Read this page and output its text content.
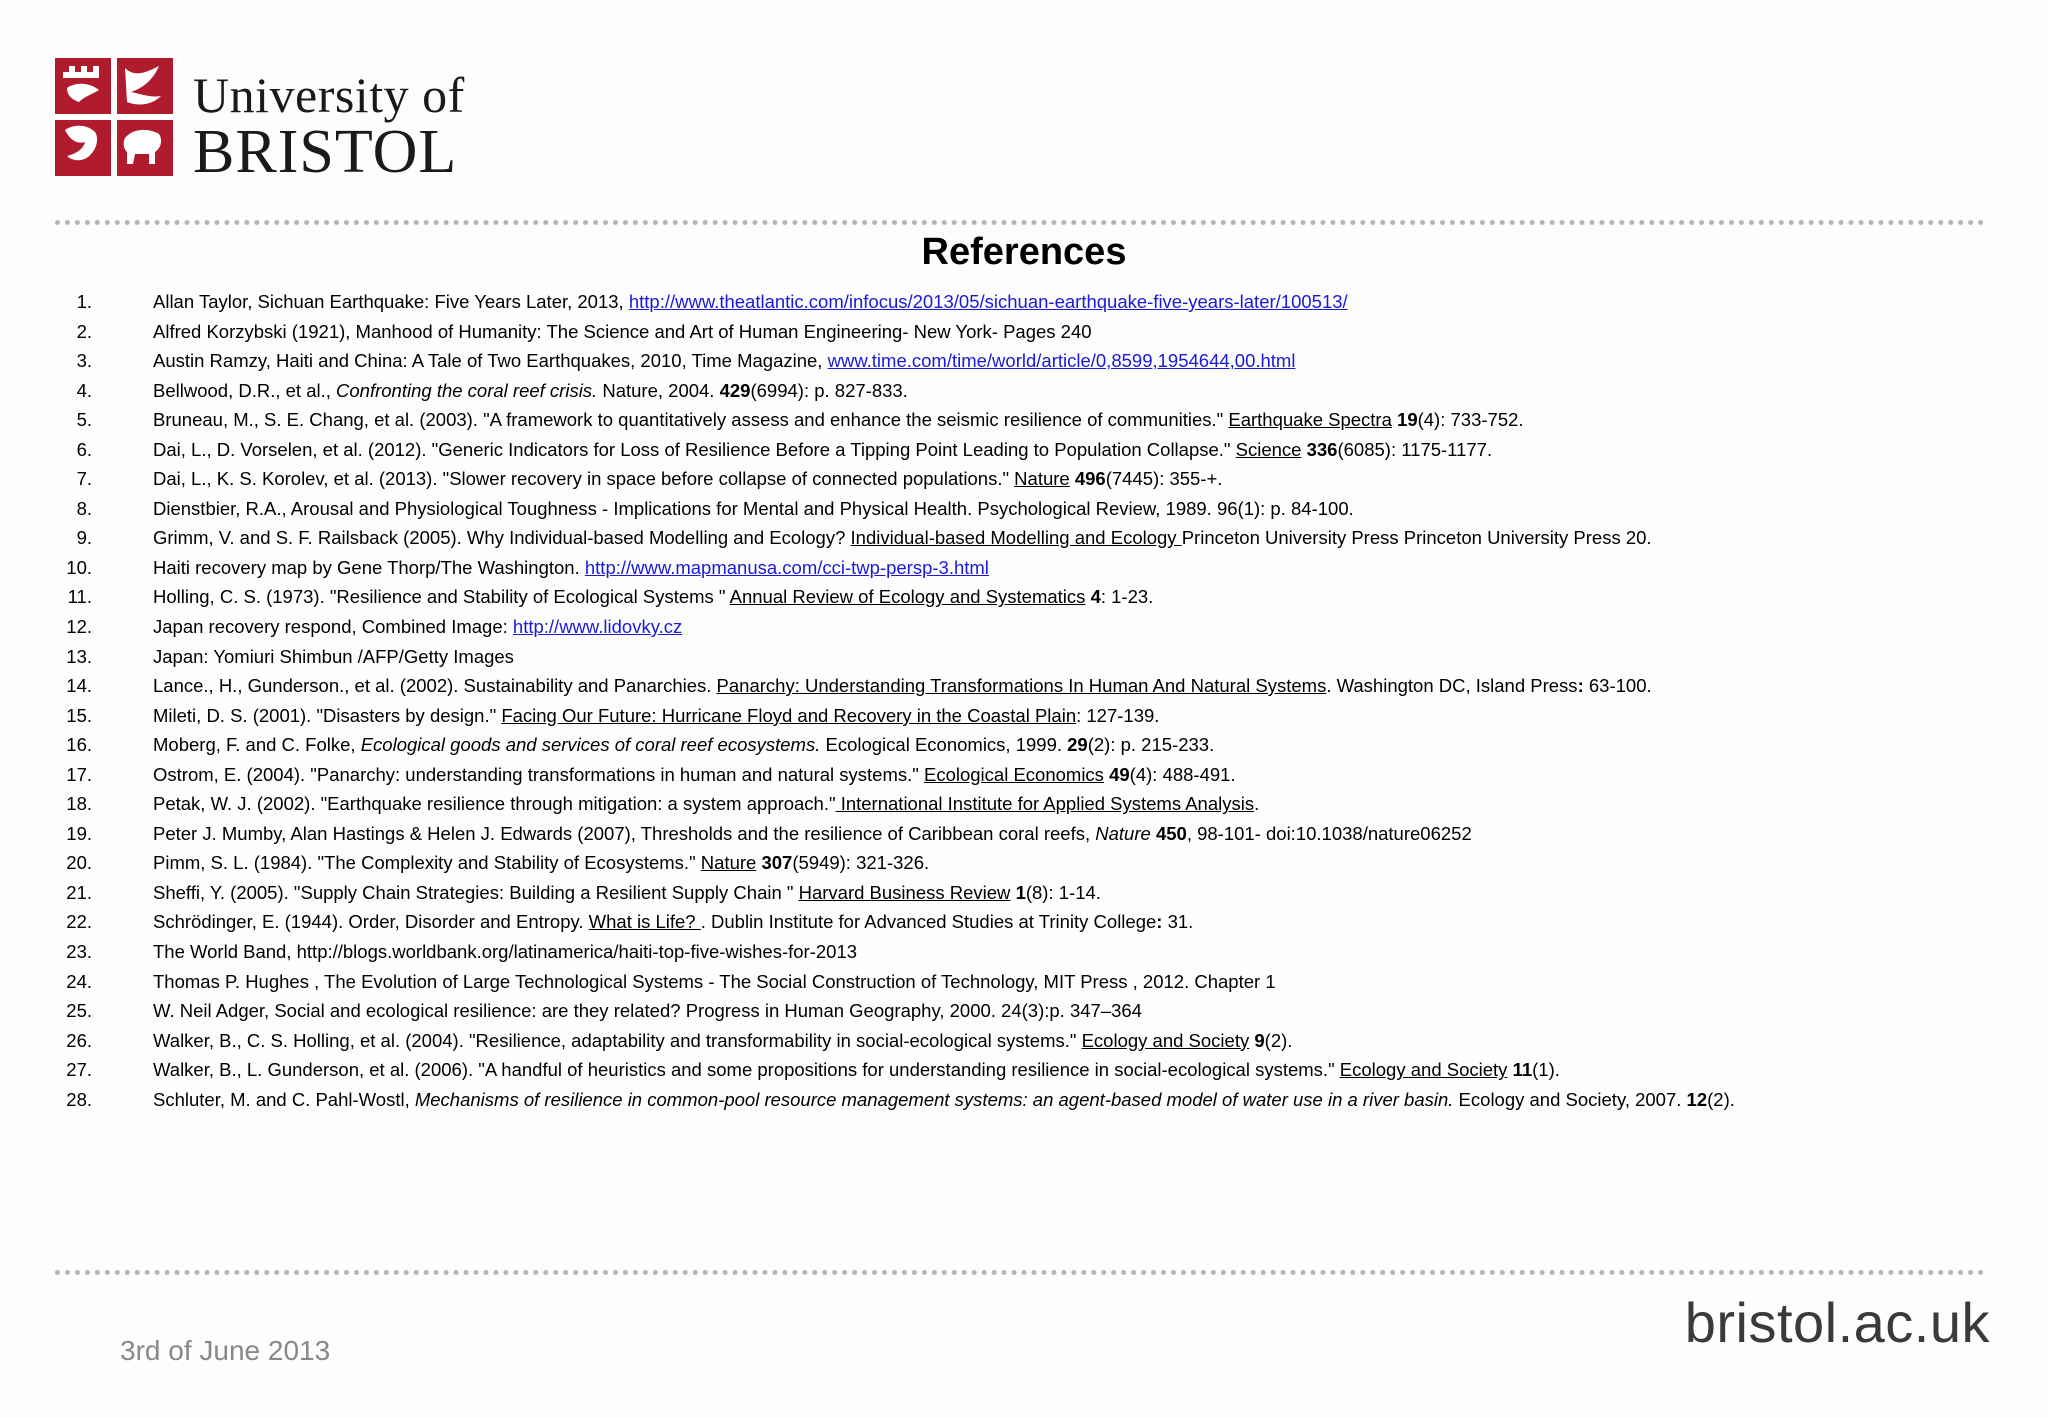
University of
BRISTOL
References
1.	Allan Taylor, Sichuan Earthquake: Five Years Later, 2013, http://www.theatlantic.com/infocus/2013/05/sichuan-earthquake-five-years-later/100513/
2.	Alfred Korzybski (1921), Manhood of Humanity: The Science and Art of Human Engineering- New York- Pages 240
3.	Austin Ramzy, Haiti and China: A Tale of Two Earthquakes, 2010, Time Magazine, www.time.com/time/world/article/0,8599,1954644,00.html
4.	Bellwood, D.R., et al., Confronting the coral reef crisis. Nature, 2004. 429(6994): p. 827-833.
5.	Bruneau, M., S. E. Chang, et al. (2003). "A framework to quantitatively assess and enhance the seismic resilience of communities." Earthquake Spectra 19(4): 733-752.
6.	Dai, L., D. Vorselen, et al. (2012). "Generic Indicators for Loss of Resilience Before a Tipping Point Leading to Population Collapse." Science 336(6085): 1175-1177.
7.	Dai, L., K. S. Korolev, et al. (2013). "Slower recovery in space before collapse of connected populations." Nature 496(7445): 355-+.
8.	Dienstbier, R.A., Arousal and Physiological Toughness - Implications for Mental and Physical Health. Psychological Review, 1989. 96(1): p. 84-100.
9.	Grimm, V. and S. F. Railsback (2005). Why Individual-based Modelling and Ecology? Individual-based Modelling and Ecology Princeton University Press Princeton University Press 20.
10.	Haiti recovery map by Gene Thorp/The Washington. http://www.mapmanusa.com/cci-twp-persp-3.html
11.	Holling, C. S. (1973). "Resilience and Stability of Ecological Systems " Annual Review of Ecology and Systematics 4: 1-23.
12.	Japan recovery respond, Combined Image: http://www.lidovky.cz
13.	Japan: Yomiuri Shimbun /AFP/Getty Images
14.	Lance., H., Gunderson., et al. (2002). Sustainability and Panarchies. Panarchy: Understanding Transformations In Human And Natural Systems. Washington DC, Island Press: 63-100.
15.	Mileti, D. S. (2001). "Disasters by design." Facing Our Future: Hurricane Floyd and Recovery in the Coastal Plain: 127-139.
16.	Moberg, F. and C. Folke, Ecological goods and services of coral reef ecosystems. Ecological Economics, 1999. 29(2): p. 215-233.
17.	Ostrom, E. (2004). "Panarchy: understanding transformations in human and natural systems." Ecological Economics 49(4): 488-491.
18.	Petak, W. J. (2002). "Earthquake resilience through mitigation: a system approach." International Institute for Applied Systems Analysis.
19.	Peter J. Mumby, Alan Hastings & Helen J. Edwards (2007), Thresholds and the resilience of Caribbean coral reefs, Nature 450, 98-101- doi:10.1038/nature06252
20.	Pimm, S. L. (1984). "The Complexity and Stability of Ecosystems." Nature 307(5949): 321-326.
21.	Sheffi, Y. (2005). "Supply Chain Strategies: Building a Resilient Supply Chain " Harvard Business Review 1(8): 1-14.
22.	Schrödinger, E. (1944). Order, Disorder and Entropy. What is Life? . Dublin Institute for Advanced Studies at Trinity College: 31.
23.	The World Band, http://blogs.worldbank.org/latinamerica/haiti-top-five-wishes-for-2013
24.	Thomas P. Hughes , The Evolution of Large Technological Systems - The Social Construction of Technology, MIT Press , 2012. Chapter 1
25.	W. Neil Adger, Social and ecological resilience: are they related? Progress in Human Geography, 2000. 24(3):p. 347–364
26.	Walker, B., C. S. Holling, et al. (2004). "Resilience, adaptability and transformability in social-ecological systems." Ecology and Society 9(2).
27.	Walker, B., L. Gunderson, et al. (2006). "A handful of heuristics and some propositions for understanding resilience in social-ecological systems." Ecology and Society 11(1).
28.	Schluter, M. and C. Pahl-Wostl, Mechanisms of resilience in common-pool resource management systems: an agent-based model of water use in a river basin. Ecology and Society, 2007. 12(2).
3rd of June 2013	bristol.ac.uk
